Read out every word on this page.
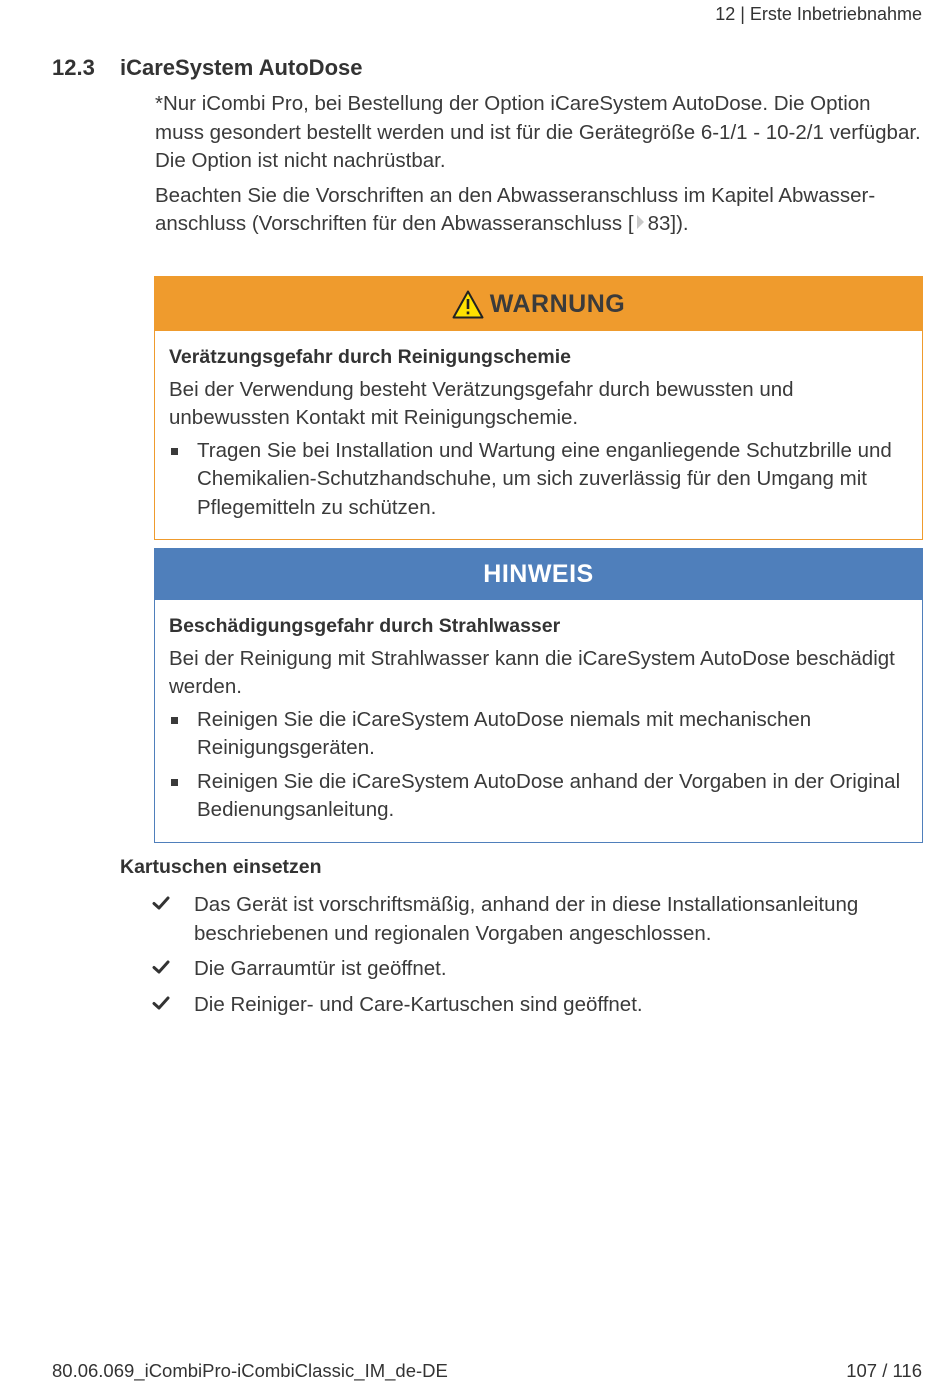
12 | Erste Inbetriebnahme
12.3 iCareSystem AutoDose

*Nur iCombi Pro, bei Bestellung der Option iCareSystem AutoDose. Die Option muss gesondert bestellt werden und ist für die Gerätegröße 6-1/1 - 10-2/1 verfügbar.

Die Option ist nicht nachrüstbar.

Beachten Sie die Vorschriften an den Abwasseranschluss im Kapitel Abwasseranschluss (Vorschriften für den Abwasseranschluss [ 83]).

WARNUNG
Verätzungsgefahr durch Reinigungschemie

Bei der Verwendung besteht Verätzungsgefahr durch bewussten und unbewussten Kontakt mit Reinigungschemie.

Tragen Sie bei Installation und Wartung eine enganliegende Schutzbrille und Chemikalien-Schutzhandschuhe, um sich zuverlässig für den Umgang mit Pflegemitteln zu schützen.
HINWEIS
Beschädigungsgefahr durch Strahlwasser

Bei der Reinigung mit Strahlwasser kann die iCareSystem AutoDose beschädigt werden.

Reinigen Sie die iCareSystem AutoDose niemals mit mechanischen Reinigungsgeräten.
Reinigen Sie die iCareSystem AutoDose anhand der Vorgaben in der Original Bedienungsanleitung.
Kartuschen einsetzen
Das Gerät ist vorschriftsmäßig, anhand der in diese Installationsanleitung beschriebenen und regionalen Vorgaben angeschlossen.
Die Garraumtür ist geöffnet.
Die Reiniger- und Care-Kartuschen sind geöffnet.
80.06.069_iCombiPro-iCombiClassic_IM_de-DE	107 / 116
